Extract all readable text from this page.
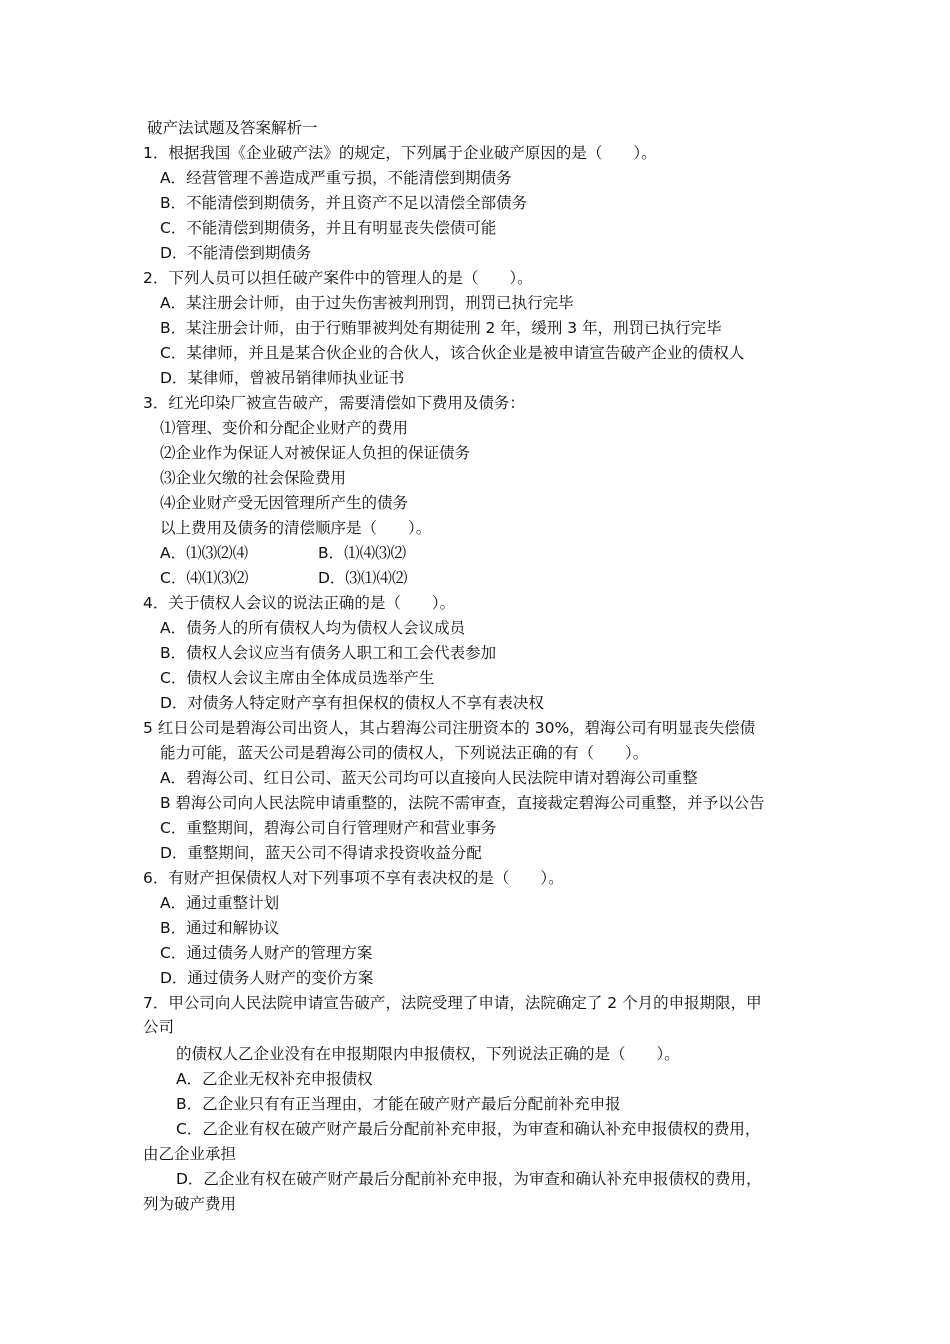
破产法试题及答案解析一
1．根据我国《企业破产法》的规定，下列属于企业破产原因的是（　　）。
A．经营管理不善造成严重亏损，不能清偿到期债务
B．不能清偿到期债务，并且资产不足以清偿全部债务
C．不能清偿到期债务，并且有明显丧失偿债可能
D．不能清偿到期债务
2．下列人员可以担任破产案件中的管理人的是（　　）。
A．某注册会计师，由于过失伤害被判刑罚，刑罚已执行完毕
B．某注册会计师，由于行贿罪被判处有期徒刑 2 年，缓刑 3 年，刑罚已执行完毕
C．某律师，并且是某合伙企业的合伙人，该合伙企业是被申请宣告破产企业的债权人
D．某律师，曾被吊销律师执业证书
3．红光印染厂被宣告破产，需要清偿如下费用及债务：
⑴管理、变价和分配企业财产的费用
⑵企业作为保证人对被保证人负担的保证债务
⑶企业欠缴的社会保险费用
⑷企业财产受无因管理所产生的债务
以上费用及债务的清偿顺序是（　　）。
A．⑴⑶⑵⑷	B．⑴⑷⑶⑵
C．⑷⑴⑶⑵	D．⑶⑴⑷⑵
4．关于债权人会议的说法正确的是（　　）。
A．债务人的所有债权人均为债权人会议成员
B．债权人会议应当有债务人职工和工会代表参加
C．债权人会议主席由全体成员选举产生
D．对债务人特定财产享有担保权的债权人不享有表决权
5 红日公司是碧海公司出资人，其占碧海公司注册资本的 30%，碧海公司有明显丧失偿债
能力可能，蓝天公司是碧海公司的债权人，下列说法正确的有（　　）。
A．碧海公司、红日公司、蓝天公司均可以直接向人民法院申请对碧海公司重整
B 碧海公司向人民法院申请重整的，法院不需审查，直接裁定碧海公司重整，并予以公告
C．重整期间，碧海公司自行管理财产和营业事务
D．重整期间，蓝天公司不得请求投资收益分配
6．有财产担保债权人对下列事项不享有表决权的是（　　）。
A．通过重整计划
B．通过和解协议
C．通过债务人财产的管理方案
D．通过债务人财产的变价方案
7．甲公司向人民法院申请宣告破产，法院受理了申请，法院确定了 2 个月的申报期限，甲
公司
的债权人乙企业没有在申报期限内申报债权，下列说法正确的是（　　）。
A．乙企业无权补充申报债权
B．乙企业只有有正当理由，才能在破产财产最后分配前补充申报
C．乙企业有权在破产财产最后分配前补充申报，为审查和确认补充申报债权的费用，
由乙企业承担
D．乙企业有权在破产财产最后分配前补充申报，为审查和确认补充申报债权的费用，
列为破产费用
